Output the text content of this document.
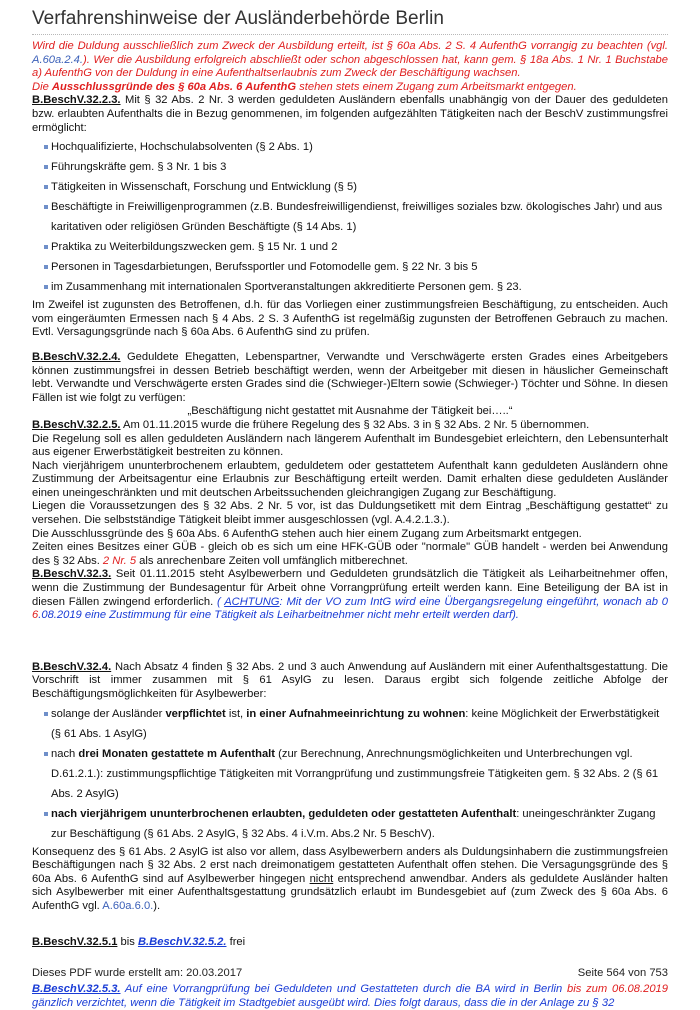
Verfahrenshinweise der Ausländerbehörde Berlin

Wird die Duldung ausschließlich zum Zweck der Ausbildung erteilt, ist § 60a Abs. 2 S. 4 AufenthG vorrangig zu beachten (vgl. A.60a.2.4.). Wer die Ausbildung erfolgreich abschließt oder schon abgeschlossen hat, kann gem. § 18a Abs. 1 Nr. 1 Buchstabe a) AufenthG von der Duldung in eine Aufenthaltserlaubnis zum Zweck der Beschäftigung wachsen.
Die Ausschlussgründe des § 60a Abs. 6 AufenthG stehen stets einem Zugang zum Arbeitsmarkt entgegen.

B.BeschV.32.2.3. Mit § 32 Abs. 2 Nr. 3 werden geduldeten Ausländern ebenfalls unabhängig von der Dauer des geduldeten bzw. erlaubten Aufenthalts die in Bezug genommenen, im folgenden aufgezählten Tätigkeiten nach der BeschV zustimmungsfrei ermöglicht:

Hochqualifizierte, Hochschulabsolventen (§ 2 Abs. 1)
Führungskräfte gem. § 3 Nr. 1 bis 3
Tätigkeiten in Wissenschaft, Forschung und Entwicklung (§ 5)
Beschäftigte in Freiwilligenprogrammen (z.B. Bundesfreiwilligendienst, freiwilliges soziales bzw. ökologisches Jahr) und aus karitativen oder religiösen Gründen Beschäftigte (§ 14 Abs. 1)
Praktika zu Weiterbildungszwecken gem. § 15 Nr. 1 und 2
Personen in Tagesdarbietungen, Berufssportler und Fotomodelle gem. § 22 Nr. 3 bis 5
im Zusammenhang mit internationalen Sportveranstaltungen akkreditierte Personen gem. § 23.

Im Zweifel ist zugunsten des Betroffenen, d.h. für das Vorliegen einer zustimmungsfreien Beschäftigung, zu entscheiden. Auch vom eingeräumten Ermessen nach § 4 Abs. 2 S. 3 AufenthG ist regelmäßig zugunsten der Betroffenen Gebrauch zu machen. Evtl. Versagungsgründe nach § 60a Abs. 6 AufenthG sind zu prüfen.

B.BeschV.32.2.4. Geduldete Ehegatten, Lebenspartner, Verwandte und Verschwägerte ersten Grades eines Arbeitgebers können zustimmungsfrei in dessen Betrieb beschäftigt werden, wenn der Arbeitgeber mit diesen in häuslicher Gemeinschaft lebt. Verwandte und Verschwägerte ersten Grades sind die (Schwieger-)Eltern sowie (Schwieger-) Töchter und Söhne. In diesen Fällen ist wie folgt zu verfügen:

„Beschäftigung nicht gestattet mit Ausnahme der Tätigkeit bei…..“

B.BeschV.32.2.5. Am 01.11.2015 wurde die frühere Regelung des § 32 Abs. 3 in § 32 Abs. 2 Nr. 5 übernommen.

Die Regelung soll es allen geduldeten Ausländern nach längerem Aufenthalt im Bundesgebiet erleichtern, den Lebensunterhalt aus eigener Erwerbstätigkeit bestreiten zu können.

Nach vierjährigem ununterbrochenem erlaubtem, geduldetem oder gestattetem Aufenthalt kann geduldeten Ausländern ohne Zustimmung der Arbeitsagentur eine Erlaubnis zur Beschäftigung erteilt werden. Damit erhalten diese geduldeten Ausländer einen uneingeschränkten und mit deutschen Arbeitssuchenden gleichrangigen Zugang zur Beschäftigung.

Liegen die Voraussetzungen des § 32 Abs. 2 Nr. 5 vor, ist das Duldungsetikett mit dem Eintrag „Beschäftigung gestattet“ zu versehen. Die selbstständige Tätigkeit bleibt immer ausgeschlossen (vgl. A.4.2.1.3.).

Die Ausschlussgründe des § 60a Abs. 6 AufenthG stehen auch hier einem Zugang zum Arbeitsmarkt entgegen.

Zeiten eines Besitzes einer GÜB - gleich ob es sich um eine HFK-GÜB oder "normale" GÜB handelt - werden bei Anwendung des § 32 Abs. 2 Nr. 5 als anrechenbare Zeiten voll umfänglich mitberechnet.

B.BeschV.32.3. Seit 01.11.2015 steht Asylbewerbern und Geduldeten grundsätzlich die Tätigkeit als Leiharbeitnehmer offen, wenn die Zustimmung der Bundesagentur für Arbeit ohne Vorrangprüfung erteilt werden kann. Eine Beteiligung der BA ist in diesen Fällen zwingend erforderlich. ( ACHTUNG: Mit der VO zum IntG wird eine Übergangsregelung eingeführt, wonach ab 0 6.08.2019 eine Zustimmung für eine Tätigkeit als Leiharbeitnehmer nicht mehr erteilt werden darf).

B.BeschV.32.4. Nach Absatz 4 finden § 32 Abs. 2 und 3 auch Anwendung auf Ausländern mit einer Aufenthaltsgestattung. Die Vorschrift ist immer zusammen mit § 61 AsylG zu lesen. Daraus ergibt sich folgende zeitliche Abfolge der Beschäftigungsmöglichkeiten für Asylbewerber:

solange der Ausländer verpflichtet ist, in einer Aufnahmeeinrichtung zu wohnen: keine Möglichkeit der Erwerbstätigkeit (§ 61 Abs. 1 AsylG)
nach drei Monaten gestattete m Aufenthalt (zur Berechnung, Anrechnungsmöglichkeiten und Unterbrechungen vgl. D.61.2.1.): zustimmungspflichtige Tätigkeiten mit Vorrangprüfung und zustimmungsfreie Tätigkeiten gem. § 32 Abs. 2 (§ 61 Abs. 2 AsylG)
nach vierjährigem ununterbrochenen erlaubten, geduldeten oder gestatteten Aufenthalt: uneingeschränkter Zugang zur Beschäftigung (§ 61 Abs. 2 AsylG, § 32 Abs. 4 i.V.m. Abs.2 Nr. 5 BeschV).

Konsequenz des § 61 Abs. 2 AsylG ist also vor allem, dass Asylbewerbern anders als Duldungsinhabern die zustimmungsfreien Beschäftigungen nach § 32 Abs. 2 erst nach dreimonatigem gestatteten Aufenthalt offen stehen. Die Versagungsgründe des § 60a Abs. 6 AufenthG sind auf Asylbewerber hingegen nicht entsprechend anwendbar. Anders als geduldete Ausländer halten sich Asylbewerber mit einer Aufenthaltsgestattung grundsätzlich erlaubt im Bundesgebiet auf (zum Zweck des § 60a Abs. 6 AufenthG vgl. A.60a.6.0.).

B.BeschV.32.5.1 bis B.BeschV.32.5.2. frei

B.BeschV.32.5.3. Auf eine Vorrangprüfung bei Geduldeten und Gestatteten durch die BA wird in Berlin bis zum 06.08.2019 gänzlich verzichtet, wenn die Tätigkeit im Stadtgebiet ausgeübt wird. Dies folgt daraus, dass die in der Anlage zu § 32

Dieses PDF wurde erstellt am: 20.03.2017	Seite 564 von 753
